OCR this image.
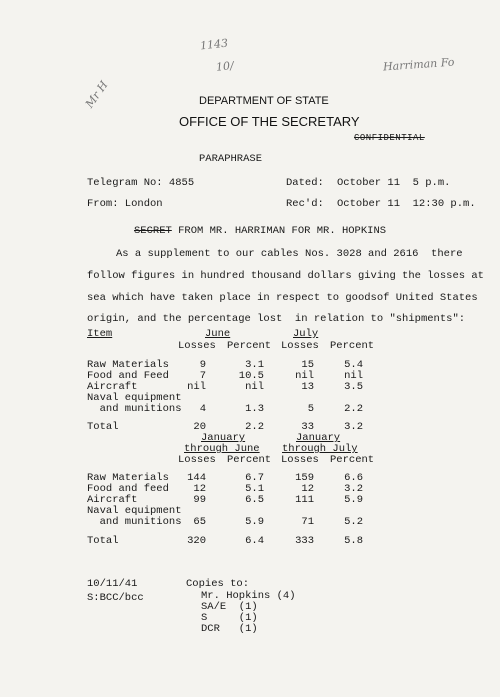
1143
10/
Mr H
Harriman Fo
DEPARTMENT OF STATE
OFFICE OF THE SECRETARY
CONFIDENTIAL
PARAPHRASE
Telegram No: 4855
From: London
Dated: October 11  5 p.m.
Rec'd: October 11  12:30 p.m.
SECRET FROM MR. HARRIMAN FOR MR. HOPKINS
As a supplement to our cables Nos. 3028 and 2616  there
follow figures in hundred thousand dollars giving the losses at
sea which have taken place in respect to goodsof United States
origin, and the percentage lost  in relation to "shipments":
Item	June	July
Losses Percent Losses Percent
Raw Materials	9	3.1	15	5.4
Food and Feed	7	10.5	nil	nil
Aircraft	nil	nil	13	3.5
Naval equipment
and munitions	4	1.3	5	2.2
Total	20	2.2	33	3.2
January
through June
January
through July
Losses Percent Losses Percent
Raw Materials	144	6.7	159	6.6
Food and feed	12	5.1	12	3.2
Aircraft	99	6.5	111	5.9
Naval equipment
and munitions	65	5.9	71	5.2
Total	320	6.4	333	5.8
10/11/41
S:BCC/bcc
Copies to:
Mr. Hopkins (4)
SA/E  (1)
S     (1)
DCR   (1)
